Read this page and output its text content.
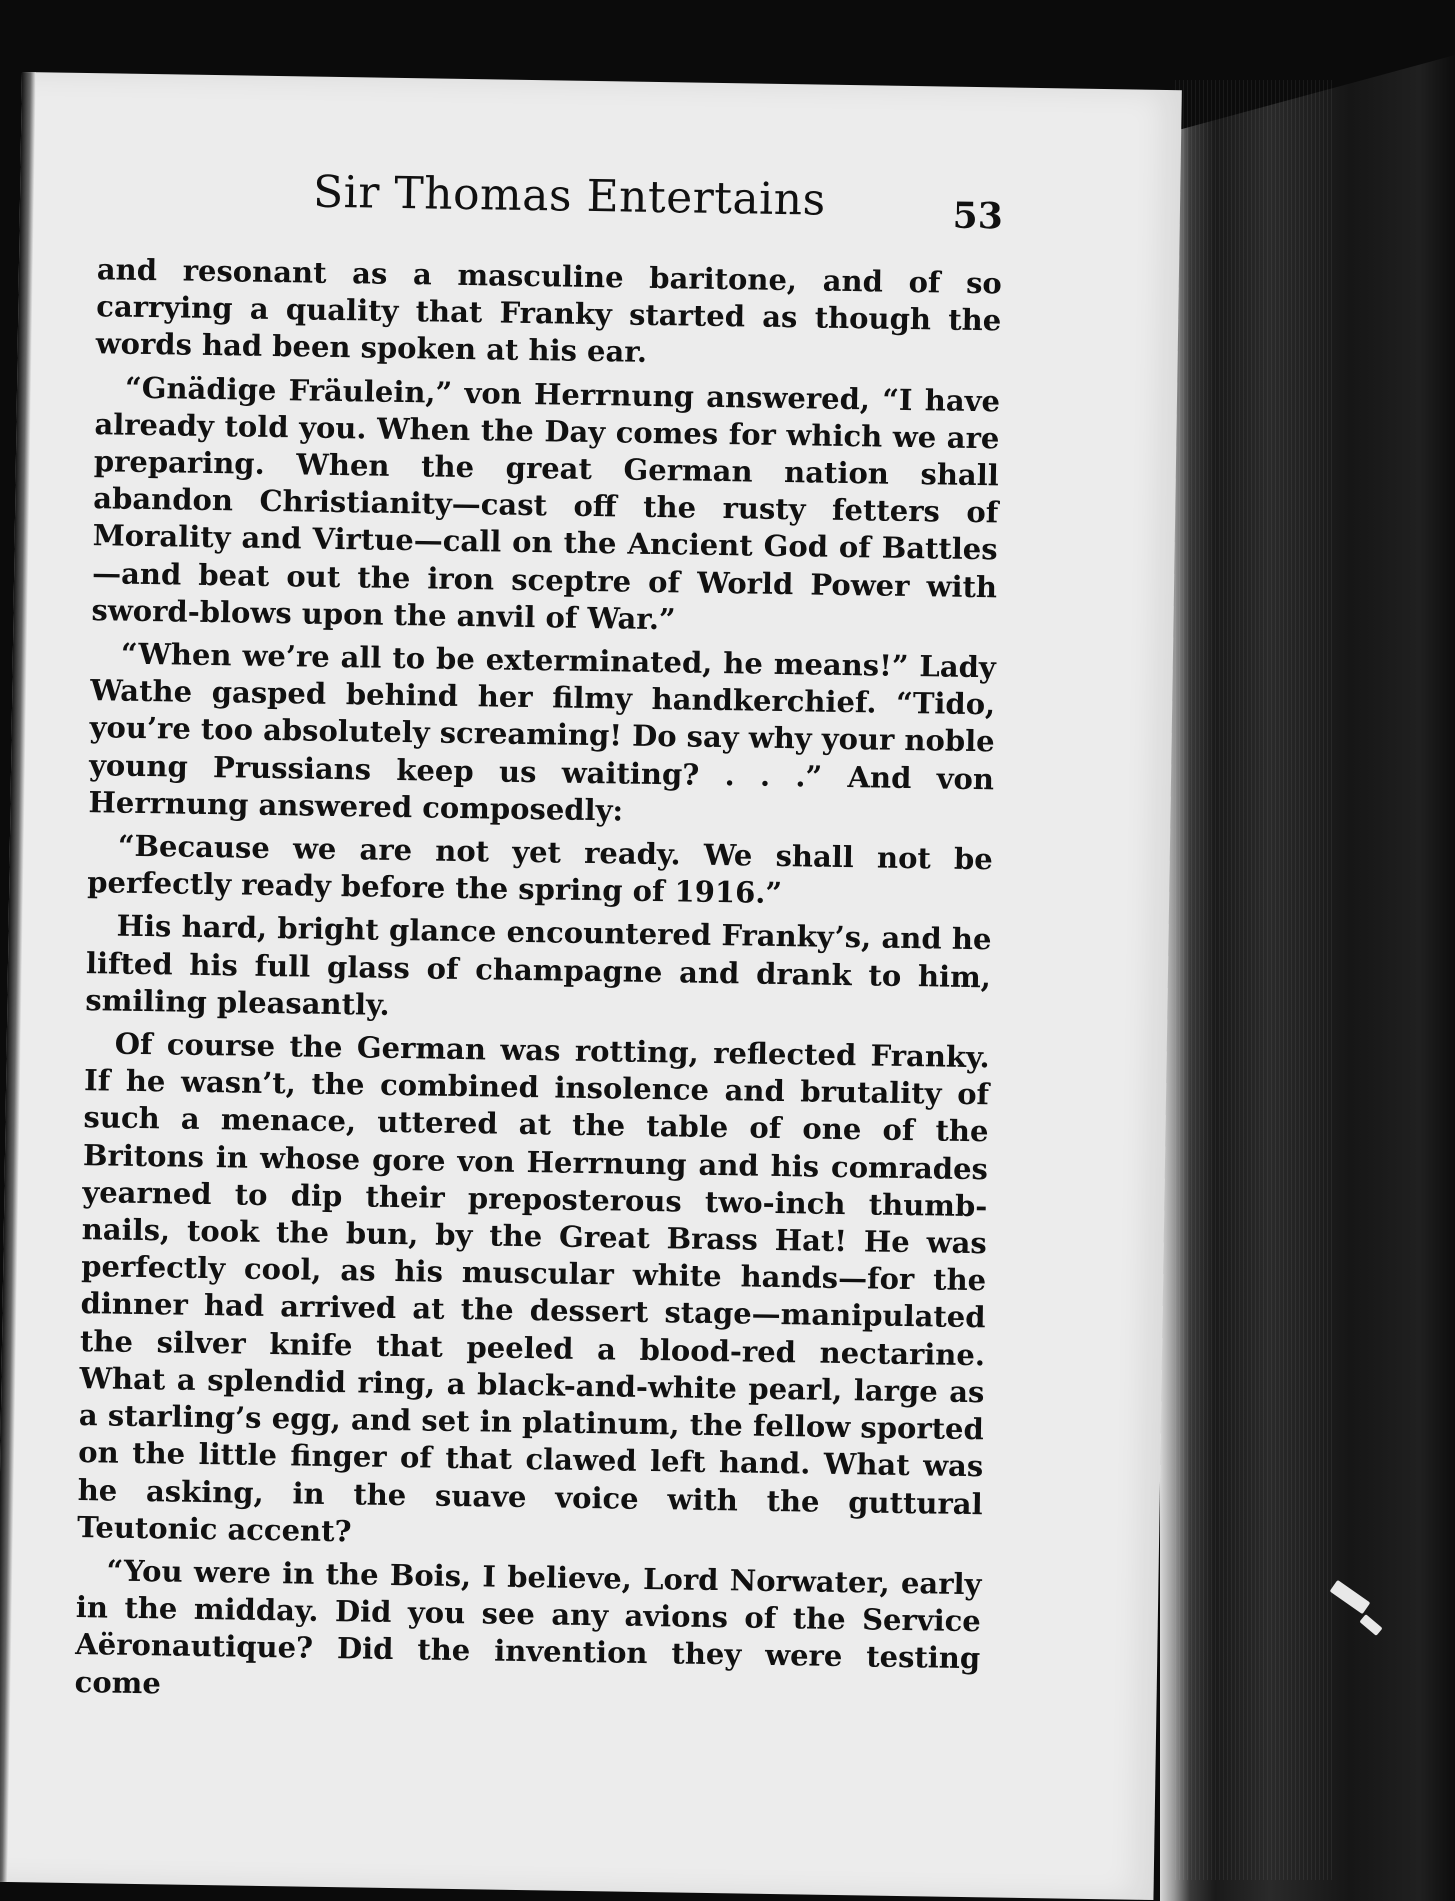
Sir Thomas Entertains	53

and resonant as a masculine baritone, and of so carrying a quality that Franky started as though the words had been spoken at his ear.

“Gnädige Fräulein,” von Herrnung answered, “I have already told you. When the Day comes for which we are preparing. When the great German nation shall abandon Christianity—cast off the rusty fetters of Morality and Virtue—call on the Ancient God of Battles—and beat out the iron sceptre of World Power with sword-blows upon the anvil of War.”

“When we’re all to be exterminated, he means!” Lady Wathe gasped behind her filmy handkerchief. “Tido, you’re too absolutely screaming! Do say why your noble young Prussians keep us waiting? . . .” And von Herrnung answered composedly:

“Because we are not yet ready. We shall not be perfectly ready before the spring of 1916.”

His hard, bright glance encountered Franky’s, and he lifted his full glass of champagne and drank to him, smiling pleasantly.

Of course the German was rotting, reflected Franky. If he wasn’t, the combined insolence and brutality of such a menace, uttered at the table of one of the Britons in whose gore von Herrnung and his comrades yearned to dip their preposterous two-inch thumb-nails, took the bun, by the Great Brass Hat! He was perfectly cool, as his muscular white hands—for the dinner had arrived at the dessert stage—manipulated the silver knife that peeled a blood-red nectarine. What a splendid ring, a black-and-white pearl, large as a starling’s egg, and set in platinum, the fellow sported on the little finger of that clawed left hand. What was he asking, in the suave voice with the guttural Teutonic accent?

“You were in the Bois, I believe, Lord Norwater, early in the midday. Did you see any avions of the Service Aëronautique? Did the invention they were testing come
